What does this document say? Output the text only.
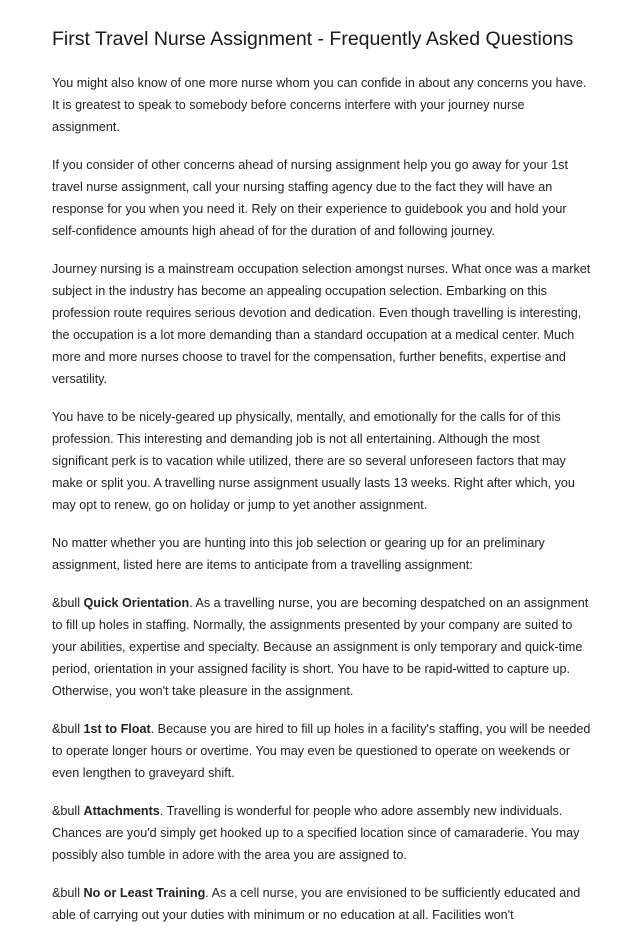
First Travel Nurse Assignment - Frequently Asked Questions

You might also know of one more nurse whom you can confide in about any concerns you have. It is greatest to speak to somebody before concerns interfere with your journey nurse assignment.

If you consider of other concerns ahead of nursing assignment help you go away for your 1st travel nurse assignment, call your nursing staffing agency due to the fact they will have an response for you when you need it. Rely on their experience to guidebook you and hold your self-confidence amounts high ahead of for the duration of and following journey.

Journey nursing is a mainstream occupation selection amongst nurses. What once was a market subject in the industry has become an appealing occupation selection. Embarking on this profession route requires serious devotion and dedication. Even though travelling is interesting, the occupation is a lot more demanding than a standard occupation at a medical center. Much more and more nurses choose to travel for the compensation, further benefits, expertise and versatility.

You have to be nicely-geared up physically, mentally, and emotionally for the calls for of this profession. This interesting and demanding job is not all entertaining. Although the most significant perk is to vacation while utilized, there are so several unforeseen factors that may make or split you. A travelling nurse assignment usually lasts 13 weeks. Right after which, you may opt to renew, go on holiday or jump to yet another assignment.

No matter whether you are hunting into this job selection or gearing up for an preliminary assignment, listed here are items to anticipate from a travelling assignment:

&bull Quick Orientation. As a travelling nurse, you are becoming despatched on an assignment to fill up holes in staffing. Normally, the assignments presented by your company are suited to your abilities, expertise and specialty. Because an assignment is only temporary and quick-time period, orientation in your assigned facility is short. You have to be rapid-witted to capture up. Otherwise, you won't take pleasure in the assignment.

&bull 1st to Float. Because you are hired to fill up holes in a facility's staffing, you will be needed to operate longer hours or overtime. You may even be questioned to operate on weekends or even lengthen to graveyard shift.

&bull Attachments. Travelling is wonderful for people who adore assembly new individuals. Chances are you'd simply get hooked up to a specified location since of camaraderie. You may possibly also tumble in adore with the area you are assigned to.

&bull No or Least Training. As a cell nurse, you are envisioned to be sufficiently educated and able of carrying out your duties with minimum or no education at all. Facilities won't
